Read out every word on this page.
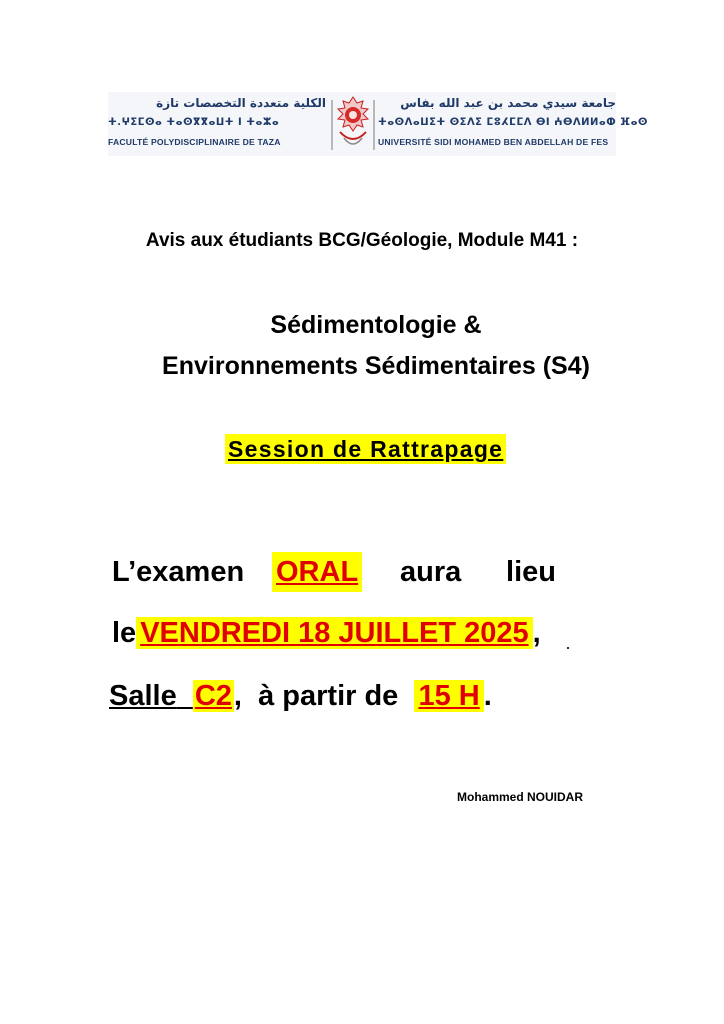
الكلية متعددة التخصصات تازة
ⵜ.ⵖⵉⵎⵙⴰ ⵜⴰⵙⴳⴳⴰⵡⵜ ⵏ ⵜⴰⵣⴰ
FACULTÉ POLYDISCIPLINAIRE DE TAZA
جامعة سيدي محمد بن عبد الله بفاس
ⵜⴰⵙⴷⴰⵡⵉⵜ ⵙⵉⴷⵉ ⵎⵓⵃⵎⵎⴷ ⴱⵏ ⵄⴱⴷⵍⵍⴰⵀ ⴼⴰⵙ
UNIVERSITÉ SIDI MOHAMED BEN ABDELLAH DE FES
Avis aux étudiants BCG/Géologie, Module M41 :
Sédimentologie &
Environnements Sédimentaires (S4)
Session de Rattrapage
L’examen ORAL aura lieu
le VENDREDI 18 JUILLET 2025 ,
Salle C2,  à partir de 15 H .
Mohammed NOUIDAR
